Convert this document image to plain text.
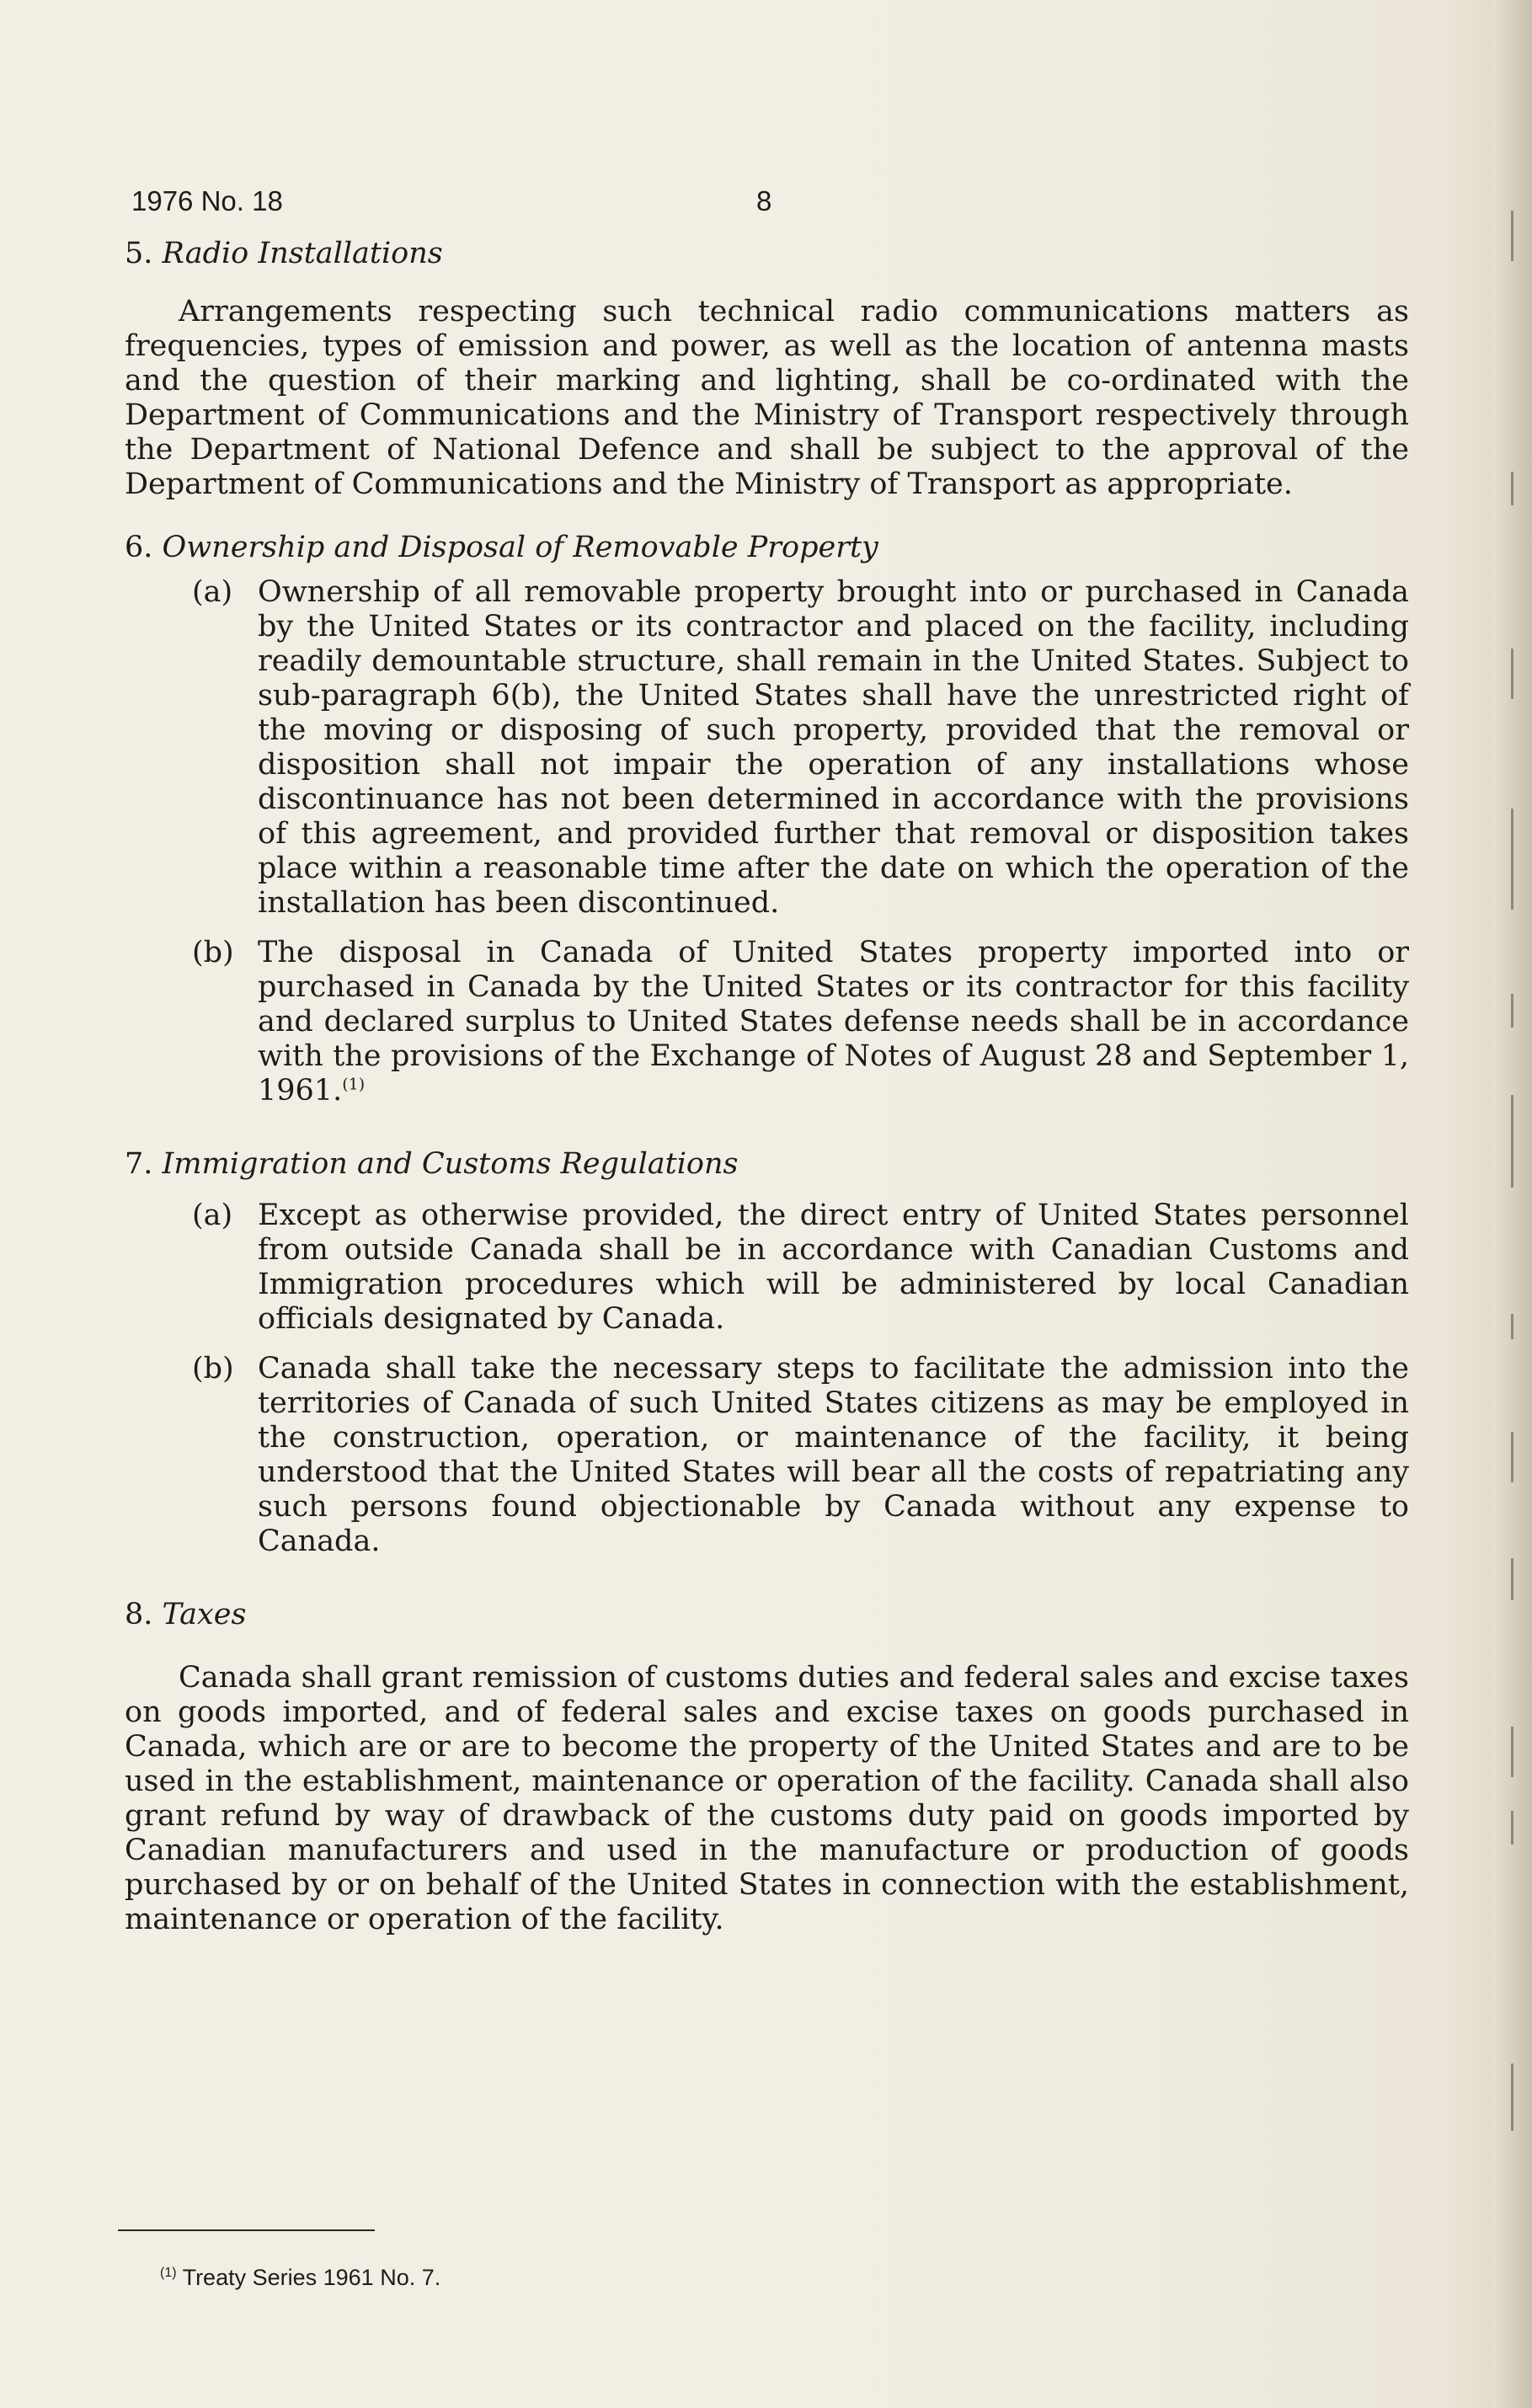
1976 No. 18	8
5. Radio Installations

Arrangements respecting such technical radio communications matters as frequencies, types of emission and power, as well as the location of antenna masts and the question of their marking and lighting, shall be co-ordinated with the Department of Communications and the Ministry of Transport respectively through the Department of National Defence and shall be subject to the approval of the Department of Communications and the Ministry of Transport as appropriate.

6. Ownership and Disposal of Removable Property
(a) Ownership of all removable property brought into or purchased in Canada by the United States or its contractor and placed on the facility, including readily demountable structure, shall remain in the United States. Subject to sub-paragraph 6(b), the United States shall have the unrestricted right of the moving or disposing of such property, provided that the removal or disposition shall not impair the operation of any installations whose discontinuance has not been determined in accordance with the provisions of this agreement, and provided further that removal or disposition takes place within a reasonable time after the date on which the operation of the installation has been discontinued.
(b) The disposal in Canada of United States property imported into or purchased in Canada by the United States or its contractor for this facility and declared surplus to United States defense needs shall be in accordance with the provisions of the Exchange of Notes of August 28 and September 1, 1961.$^{(1)}$
7. Immigration and Customs Regulations
(a) Except as otherwise provided, the direct entry of United States personnel from outside Canada shall be in accordance with Canadian Customs and Immigration procedures which will be administered by local Canadian officials designated by Canada.
(b) Canada shall take the necessary steps to facilitate the admission into the territories of Canada of such United States citizens as may be employed in the construction, operation, or maintenance of the facility, it being understood that the United States will bear all the costs of repatriating any such persons found objectionable by Canada without any expense to Canada.
8. Taxes

Canada shall grant remission of customs duties and federal sales and excise taxes on goods imported, and of federal sales and excise taxes on goods purchased in Canada, which are or are to become the property of the United States and are to be used in the establishment, maintenance or operation of the facility. Canada shall also grant refund by way of drawback of the customs duty paid on goods imported by Canadian manufacturers and used in the manufacture or production of goods purchased by or on behalf of the United States in connection with the establishment, maintenance or operation of the facility.

$^{(1)}$ Treaty Series 1961 No. 7.
